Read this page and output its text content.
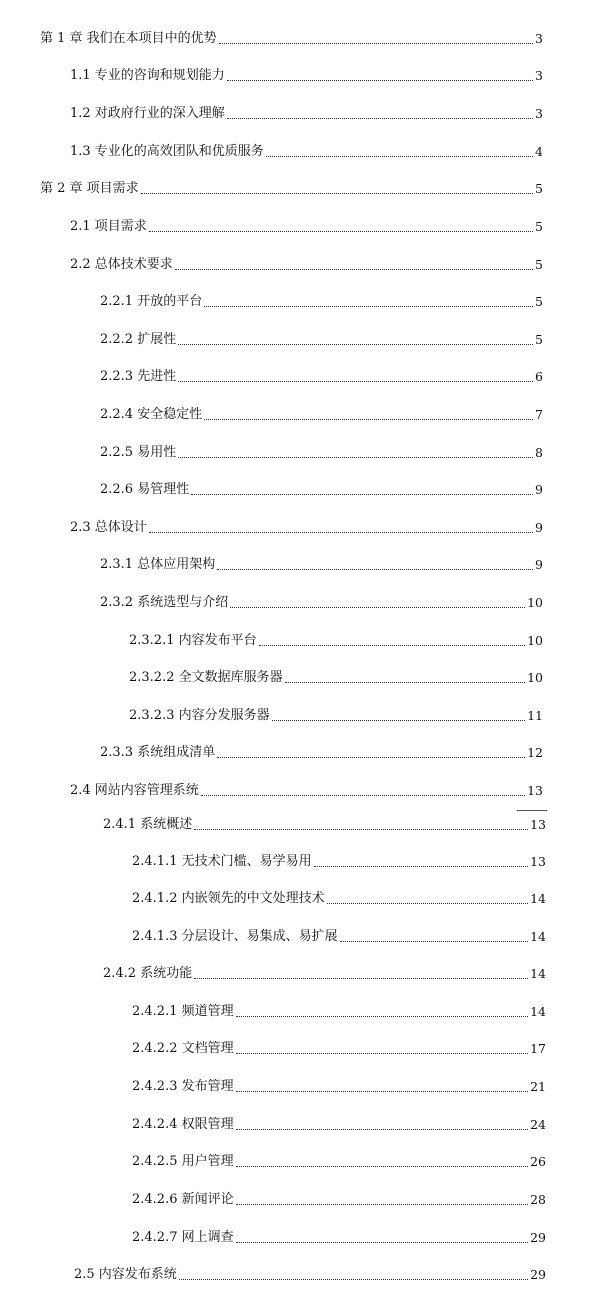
第 1 章 我们在本项目中的优势	3
1.1 专业的咨询和规划能力	3
1.2 对政府行业的深入理解	3
1.3 专业化的高效团队和优质服务	4
第 2 章 项目需求	5
2.1 项目需求	5
2.2 总体技术要求	5
2.2.1 开放的平台	5
2.2.2 扩展性	5
2.2.3 先进性	6
2.2.4 安全稳定性	7
2.2.5 易用性	8
2.2.6 易管理性	9
2.3 总体设计	9
2.3.1 总体应用架构	9
2.3.2 系统选型与介绍	10
2.3.2.1 内容发布平台	10
2.3.2.2 全文数据库服务器	10
2.3.2.3 内容分发服务器	11
2.3.3 系统组成清单	12
2.4 网站内容管理系统	13
2.4.1 系统概述	13
2.4.1.1 无技术门槛、易学易用	13
2.4.1.2 内嵌领先的中文处理技术	14
2.4.1.3 分层设计、易集成、易扩展	14
2.4.2 系统功能	14
2.4.2.1 频道管理	14
2.4.2.2 文档管理	17
2.4.2.3 发布管理	21
2.4.2.4 权限管理	24
2.4.2.5 用户管理	26
2.4.2.6 新闻评论	28
2.4.2.7 网上调查	29
2.5 内容发布系统	29
